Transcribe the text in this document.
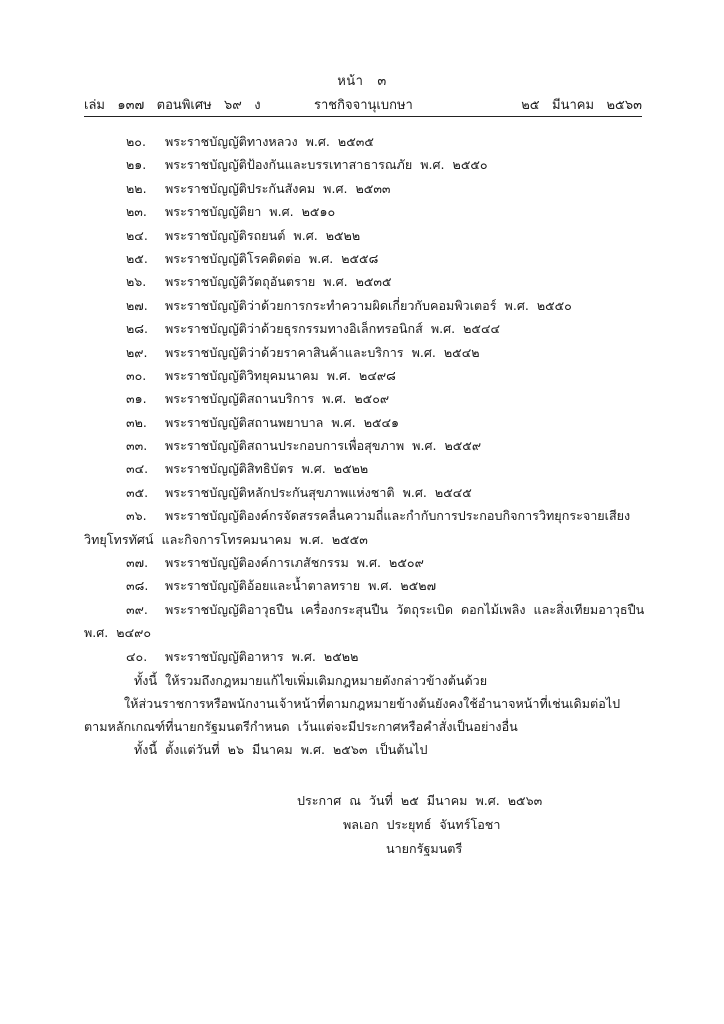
หน้า   ๓
เล่ม   ๑๓๗   ตอนพิเศษ   ๖๙   ง	ราชกิจจานุเบกษา	๒๕   มีนาคม   ๒๕๖๓
๒๐. พระราชบัญญัติทางหลวง  พ.ศ.  ๒๕๓๕
๒๑. พระราชบัญญัติป้องกันและบรรเทาสาธารณภัย  พ.ศ.  ๒๕๕๐
๒๒. พระราชบัญญัติประกันสังคม  พ.ศ.  ๒๕๓๓
๒๓. พระราชบัญญัติยา  พ.ศ.  ๒๕๑๐
๒๔. พระราชบัญญัติรถยนต์  พ.ศ.  ๒๕๒๒
๒๕. พระราชบัญญัติโรคติดต่อ  พ.ศ.  ๒๕๕๘
๒๖. พระราชบัญญัติวัตถุอันตราย  พ.ศ.  ๒๕๓๕
๒๗. พระราชบัญญัติว่าด้วยการกระทำความผิดเกี่ยวกับคอมพิวเตอร์  พ.ศ.  ๒๕๕๐
๒๘. พระราชบัญญัติว่าด้วยธุรกรรมทางอิเล็กทรอนิกส์  พ.ศ.  ๒๕๔๔
๒๙. พระราชบัญญัติว่าด้วยราคาสินค้าและบริการ  พ.ศ.  ๒๕๔๒
๓๐. พระราชบัญญัติวิทยุคมนาคม  พ.ศ.  ๒๔๙๘
๓๑. พระราชบัญญัติสถานบริการ  พ.ศ.  ๒๕๐๙
๓๒. พระราชบัญญัติสถานพยาบาล  พ.ศ.  ๒๕๔๑
๓๓. พระราชบัญญัติสถานประกอบการเพื่อสุขภาพ  พ.ศ.  ๒๕๕๙
๓๔. พระราชบัญญัติสิทธิบัตร  พ.ศ.  ๒๕๒๒
๓๕. พระราชบัญญัติหลักประกันสุขภาพแห่งชาติ  พ.ศ.  ๒๕๔๕
๓๖. พระราชบัญญัติองค์กรจัดสรรคลื่นความถี่และกำกับการประกอบกิจการวิทยุกระจายเสียง
วิทยุโทรทัศน์  และกิจการโทรคมนาคม  พ.ศ.  ๒๕๕๓
๓๗. พระราชบัญญัติองค์การเภสัชกรรม  พ.ศ.  ๒๕๐๙
๓๘. พระราชบัญญัติอ้อยและน้ำตาลทราย  พ.ศ.  ๒๕๒๗
๓๙. พระราชบัญญัติอาวุธปืน  เครื่องกระสุนปืน  วัตถุระเบิด  ดอกไม้เพลิง  และสิ่งเทียมอาวุธปืน
พ.ศ.  ๒๔๙๐
๔๐. พระราชบัญญัติอาหาร  พ.ศ.  ๒๕๒๒

ทั้งนี้  ให้รวมถึงกฎหมายแก้ไขเพิ่มเติมกฎหมายดังกล่าวข้างต้นด้วย

ให้ส่วนราชการหรือพนักงานเจ้าหน้าที่ตามกฎหมายข้างต้นยังคงใช้อำนาจหน้าที่เช่นเดิมต่อไป

ตามหลักเกณฑ์ที่นายกรัฐมนตรีกำหนด  เว้นแต่จะมีประกาศหรือคำสั่งเป็นอย่างอื่น

ทั้งนี้  ตั้งแต่วันที่  ๒๖  มีนาคม  พ.ศ.  ๒๕๖๓  เป็นต้นไป

ประกาศ  ณ  วันที่  ๒๕  มีนาคม  พ.ศ.  ๒๕๖๓
พลเอก  ประยุทธ์  จันทร์โอชา
นายกรัฐมนตรี
